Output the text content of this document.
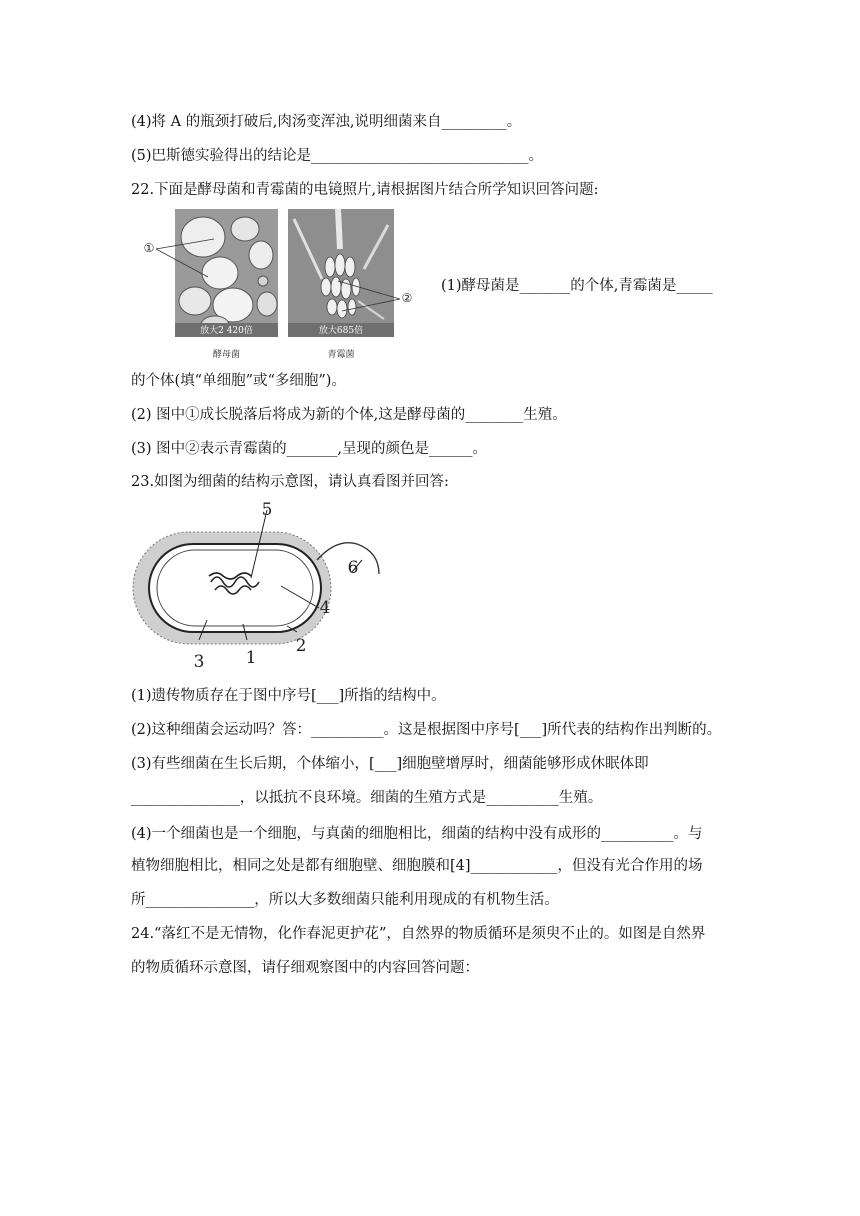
(4)将 A 的瓶颈打破后,肉汤变浑浊,说明细菌来自_________。
(5)巴斯德实验得出的结论是______________________________。
22.下面是酵母菌和青霉菌的电镜照片,请根据图片结合所学知识回答问题:
放大2 420倍
酵母菌
放大685倍
青霉菌
①
②
(1)酵母菌是_______的个体,青霉菌是_____
的个体(填“单细胞”或“多细胞”)。
(2) 图中①成长脱落后将成为新的个体,这是酵母菌的________生殖。
(3) 图中②表示青霉菌的_______,呈现的颜色是______。
23.如图为细菌的结构示意图，请认真看图并回答:
5
6
4
2
1
3
(1)遗传物质存在于图中序号[___]所指的结构中。
(2)这种细菌会运动吗？答：__________。这是根据图中序号[___]所代表的结构作出判断的。
(3)有些细菌在生长后期，个体缩小，[___]细胞壁增厚时，细菌能够形成休眠体即
_______________，以抵抗不良环境。细菌的生殖方式是__________生殖。
(4)一个细菌也是一个细胞，与真菌的细胞相比，细菌的结构中没有成形的__________。与
植物细胞相比，相同之处是都有细胞壁、细胞膜和[4]____________，但没有光合作用的场
所_______________，所以大多数细菌只能利用现成的有机物生活。
24.“落红不是无情物，化作春泥更护花”，自然界的物质循环是须臾不止的。如图是自然界
的物质循环示意图，请仔细观察图中的内容回答问题：
